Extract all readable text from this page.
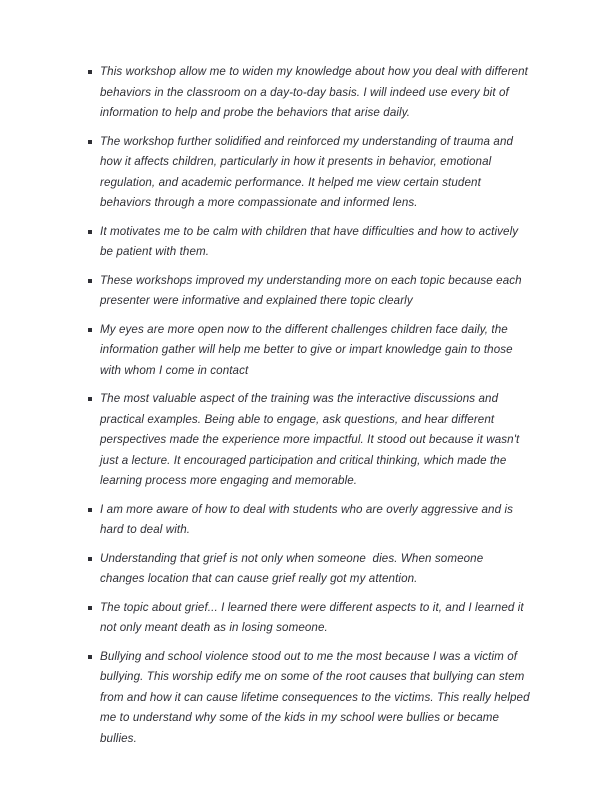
This workshop allow me to widen my knowledge about how you deal with different behaviors in the classroom on a day-to-day basis. I will indeed use every bit of information to help and probe the behaviors that arise daily.
The workshop further solidified and reinforced my understanding of trauma and how it affects children, particularly in how it presents in behavior, emotional regulation, and academic performance. It helped me view certain student behaviors through a more compassionate and informed lens.
It motivates me to be calm with children that have difficulties and how to actively be patient with them.
These workshops improved my understanding more on each topic because each presenter were informative and explained there topic clearly
My eyes are more open now to the different challenges children face daily, the information gather will help me better to give or impart knowledge gain to those with whom I come in contact
The most valuable aspect of the training was the interactive discussions and practical examples. Being able to engage, ask questions, and hear different perspectives made the experience more impactful. It stood out because it wasn't just a lecture. It encouraged participation and critical thinking, which made the learning process more engaging and memorable.
I am more aware of how to deal with students who are overly aggressive and is hard to deal with.
Understanding that grief is not only when someone  dies. When someone changes location that can cause grief really got my attention.
The topic about grief... I learned there were different aspects to it, and I learned it not only meant death as in losing someone.
Bullying and school violence stood out to me the most because I was a victim of bullying. This worship edify me on some of the root causes that bullying can stem from and how it can cause lifetime consequences to the victims. This really helped me to understand why some of the kids in my school were bullies or became bullies.
